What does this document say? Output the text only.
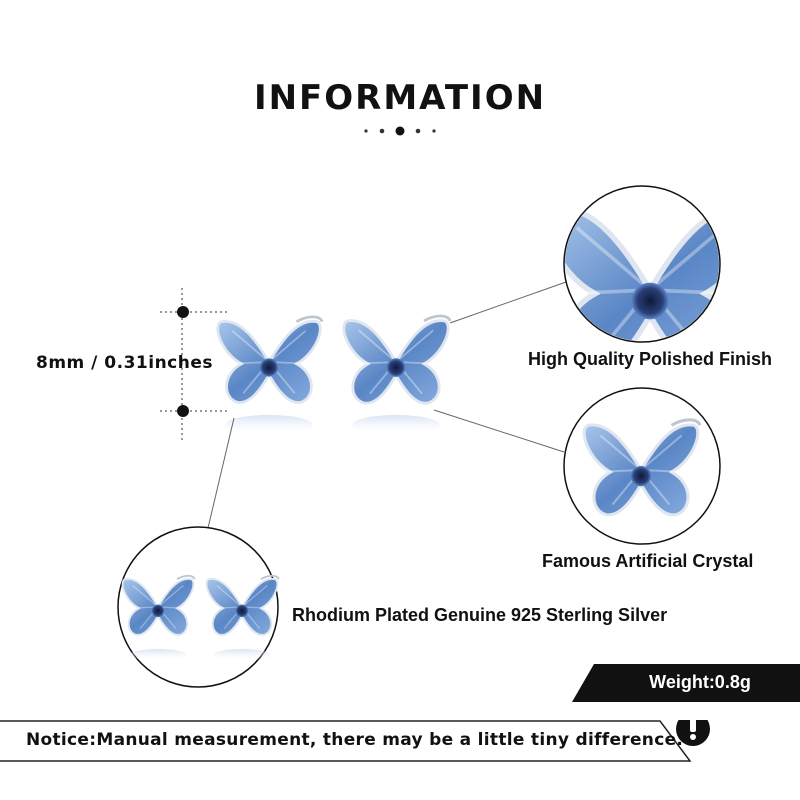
INFORMATION
8mm / 0.31inches	High Quality Polished Finish
Famous Artificial Crystal
Rhodium Plated Genuine 925 Sterling Silver
Weight:0.8g
Notice:Manual measurement, there may be a little tiny difference.
